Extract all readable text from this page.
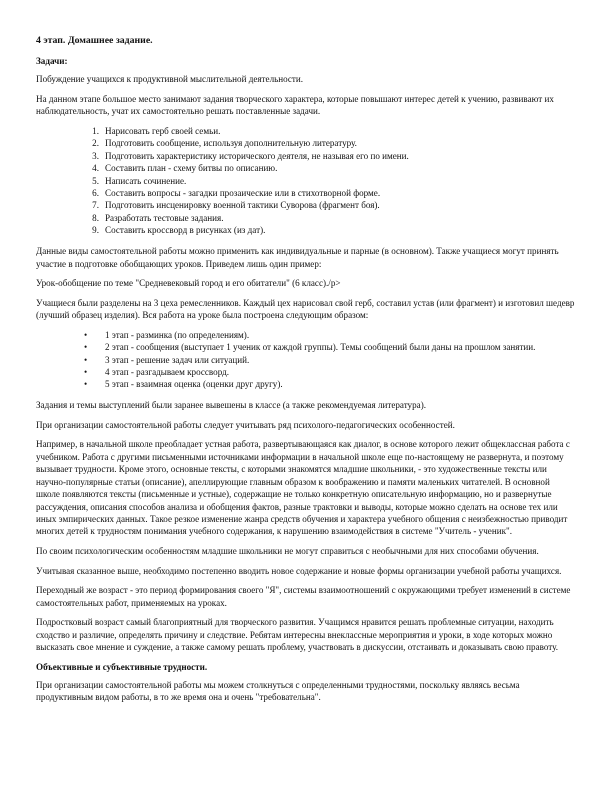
4 этап. Домашнее задание.
Задачи:

Побуждение учащихся к продуктивной мыслительной деятельности.

На данном этапе большое место занимают задания творческого характера, которые повышают интерес детей к учению, развивают их наблюдательность, учат их самостоятельно решать поставленные задачи.

1. Нарисовать герб своей семьи.
2. Подготовить сообщение, используя дополнительную литературу.
3. Подготовить характеристику исторического деятеля, не называя его по имени.
4. Составить план - схему битвы по описанию.
5. Написать сочинение.
6. Составить вопросы - загадки прозаические или в стихотворной форме.
7. Подготовить инсценировку военной тактики Суворова (фрагмент боя).
8. Разработать тестовые задания.
9. Составить кроссворд в рисунках (из дат).

Данные виды самостоятельной работы можно применить как индивидуальные и парные (в основном). Также учащиеся могут принять участие в подготовке обобщающих уроков. Приведем лишь один пример:

Урок-обобщение по теме "Средневековый город и его обитатели" (6 класс)./p>

Учащиеся были разделены на 3 цеха ремесленников. Каждый цех нарисовал свой герб, составил устав (или фрагмент) и изготовил шедевр (лучший образец изделия). Вся работа на уроке была построена следующим образом:

• 1 этап - разминка (по определениям).
• 2 этап - сообщения (выступает 1 ученик от каждой группы). Темы сообщений были даны на прошлом занятии.
• 3 этап - решение задач или ситуаций.
• 4 этап - разгадываем кроссворд.
• 5 этап - взаимная оценка (оценки друг другу).

Задания и темы выступлений были заранее вывешены в классе (а также рекомендуемая литература).

При организации самостоятельной работы следует учитывать ряд психолого-педагогических особенностей.

Например, в начальной школе преобладает устная работа, развертывающаяся как диалог, в основе которого лежит общеклассная работа с учебником. Работа с другими письменными источниками информации в начальной школе еще по-настоящему не развернута, и поэтому вызывает трудности. Кроме этого, основные тексты, с которыми знакомятся младшие школьники, - это художественные тексты или научно-популярные статьи (описание), апеллирующие главным образом к воображению и памяти маленьких читателей. В основной школе появляются тексты (письменные и устные), содержащие не только конкретную описательную информацию, но и развернутые рассуждения, описания способов анализа и обобщения фактов, разные трактовки и выводы, которые можно сделать на основе тех или иных эмпирических данных. Такое резкое изменение жанра средств обучения и характера учебного общения с неизбежностью приводит многих детей к трудностям понимания учебного содержания, к нарушению взаимодействия в системе "Учитель - ученик".

По своим психологическим особенностям младшие школьники не могут справиться с необычными для них способами обучения.

Учитывая сказанное выше, необходимо постепенно вводить новое содержание и новые формы организации учебной работы учащихся.

Переходный же возраст - это период формирования своего "Я", системы взаимоотношений с окружающими требует изменений в системе самостоятельных работ, применяемых на уроках.

Подростковый возраст самый благоприятный для творческого развития. Учащимся нравится решать проблемные ситуации, находить сходство и различие, определять причину и следствие. Ребятам интересны внеклассные мероприятия и уроки, в ходе которых можно высказать свое мнение и суждение, а также самому решать проблему, участвовать в дискуссии, отстаивать и доказывать свою правоту.

Объективные и субъективные трудности.

При организации самостоятельной работы мы можем столкнуться с определенными трудностями, поскольку являясь весьма продуктивным видом работы, в то же время она и очень "требовательна".
